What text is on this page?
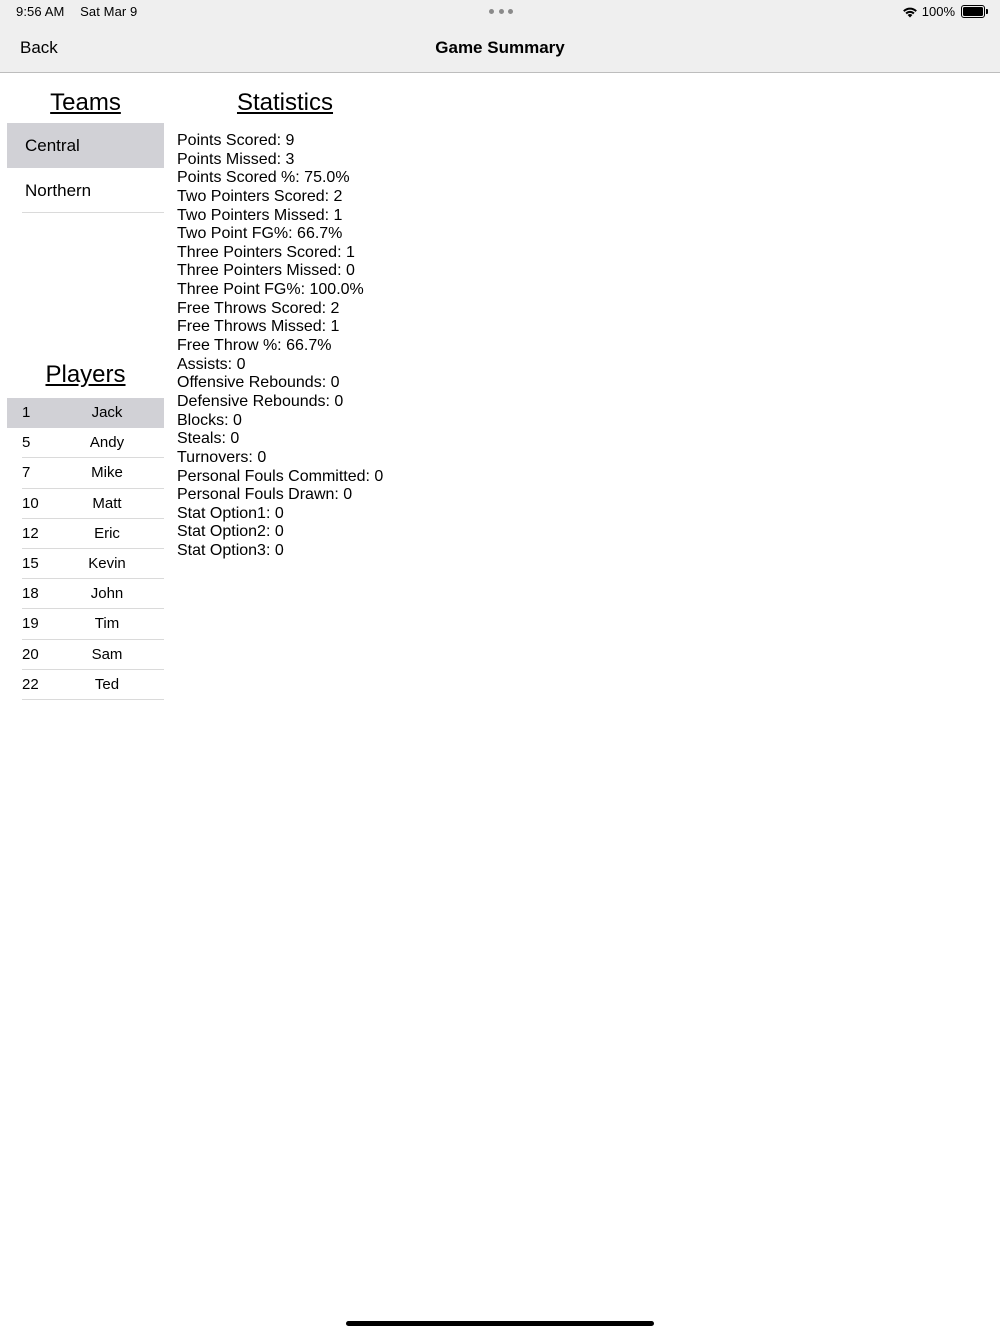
9:56 AM Sat Mar 9	100%
Back	Game Summary
Teams
Central
Northern
Statistics
Points Scored: 9
Points Missed: 3
Points Scored %: 75.0%
Two Pointers Scored: 2
Two Pointers Missed: 1
Two Point FG%: 66.7%
Three Pointers Scored: 1
Three Pointers Missed: 0
Three Point FG%: 100.0%
Free Throws Scored: 2
Free Throws Missed: 1
Free Throw %: 66.7%
Assists: 0
Offensive Rebounds: 0
Defensive Rebounds: 0
Blocks: 0
Steals: 0
Turnovers: 0
Personal Fouls Committed: 0
Personal Fouls Drawn: 0
Stat Option1: 0
Stat Option2: 0
Stat Option3: 0
Players
1	Jack
5	Andy
7	Mike
10	Matt
12	Eric
15	Kevin
18	John
19	Tim
20	Sam
22	Ted
